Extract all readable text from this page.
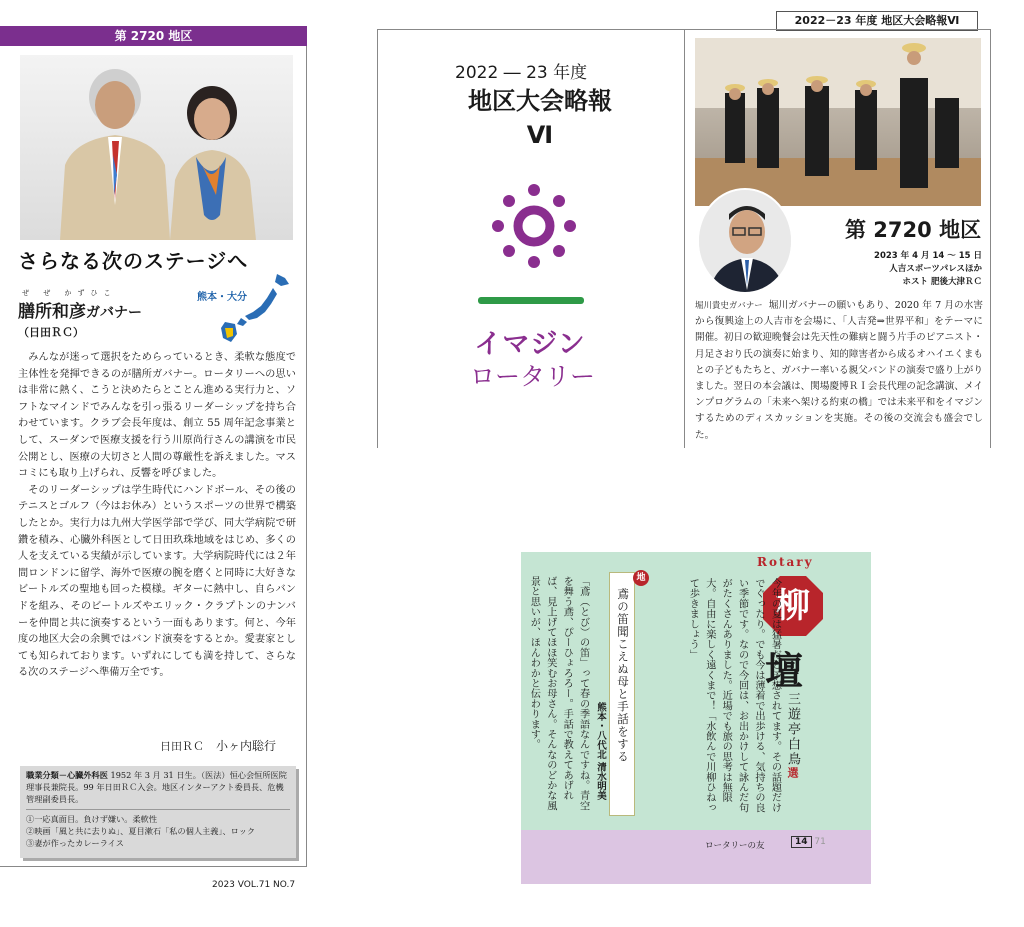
第 2720 地区
さらなる次のステージへ
ぜ ぜ かずひこ
膳所和彦ガバナー
（日田ＲＣ）
熊本・大分

みんなが迷って選択をためらっているとき、柔軟な態度で主体性を発揮できるのが膳所ガバナー。ロータリーへの思いは非常に熱く、こうと決めたらとことん進める実行力と、ソフトなマインドでみんなを引っ張るリーダーシップを持ち合わせています。クラブ会長年度は、創立 55 周年記念事業として、スーダンで医療支援を行う川原尚行さんの講演を市民公開とし、医療の大切さと人間の尊厳性を訴えました。マスコミにも取り上げられ、反響を呼びました。

そのリーダーシップは学生時代にハンドボール、その後のテニスとゴルフ（今はお休み）というスポーツの世界で構築したとか。実行力は九州大学医学部で学び、同大学病院で研鑽を積み、心臓外科医として日田玖珠地域をはじめ、多くの人を支えている実績が示しています。大学病院時代には２年間ロンドンに留学、海外で医療の腕を磨くと同時に大好きなビートルズの聖地も回った模様。ギターに熱中し、自らバンドを組み、そのビートルズやエリック・クラプトンのナンバーを仲間と共に演奏するという一面もあります。何と、今年度の地区大会の余興ではバンド演奏をするとか。愛妻家としても知られております。いずれにしても満を持して、さらなる次のステージへ準備万全です。

日田ＲＣ 小ヶ内聡行
職業分類－心臓外科医 1952 年 3 月 31 日生。（医法）恒心会恒所医院理事長兼院長。99 年日田ＲＣ入会。地区インターアクト委員長、危機管理副委員長。
①一応真面目。負けず嫌い。柔軟性
②映画「風と共に去りぬ」、夏目漱石「私の個人主義」、ロック
③妻が作ったカレーライス
2023 VOL.71 NO.7
2022－23 年度 地区大会略報Ⅵ
2022 ― 23 年度
地区大会略報
Ⅵ
イマジン
ロータリー
第 2720 地区
2023 年 4 月 14 〜 15 日
人吉スポーツパレスほか
ホスト 肥後大津ＲＣ
堀川貴史ガバナー 堀川ガバナーの願いもあり、2020 年 7 月の水害から復興途上の人吉市を会場に、「人吉発⇒世界平和」をテーマに開催。初日の歓迎晩餐会は先天性の難病と闘う片手のピアニスト・月足さおり氏の演奏に始まり、知的障害者から成るオハイエくまもとの子どもたちと、ガバナー率いる親父バンドの演奏で盛り上がりました。翌日の本会議は、関場慶博ＲＩ会長代理の記念講演、メインプログラムの「未来へ架ける約束の橋」では未来平和をイマジンするためのディスカッションを実施。その後の交流会も盛会でした。
ロータリーの友	14 71
Rotary
柳
壇
三遊亭白鳥選
今年の夏は猛暑だと予想されてます。その話題だけでぐったり。でも今は薄着で出歩ける、気持ちの良い季節です。なので今回は、お出かけして詠んだ句がたくさんありました。近場でも旅の思考は無限大。自由に楽しく遠くまで！「水飲んで川柳ひねって歩きましょう」
地
鳶の笛聞こえぬ母と手話をする
熊本・八代北 清水明美
「鳶（とび）の笛」って春の季語なんですね。青空を舞う鳶、ぴーひょろろー。手話で教えてあげれば、見上げてほほ笑むお母さん。そんなのどかな風景と思いが、ほんわかと伝わります。
